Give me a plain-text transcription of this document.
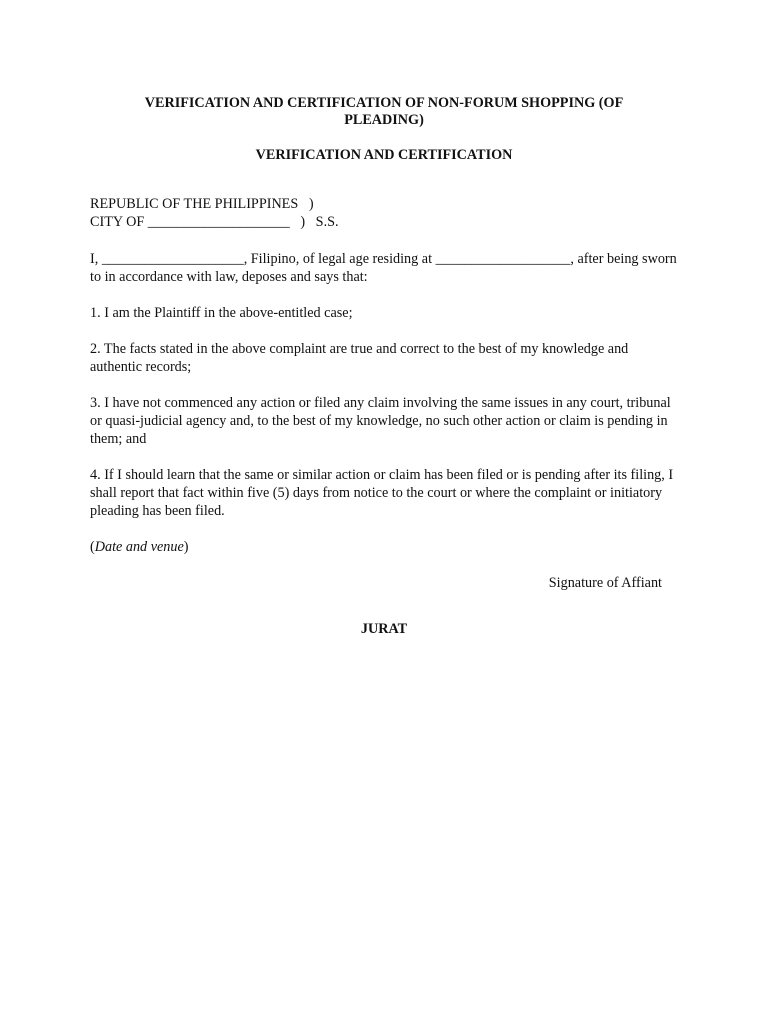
VERIFICATION AND CERTIFICATION OF NON-FORUM SHOPPING (OF PLEADING)
VERIFICATION AND CERTIFICATION
REPUBLIC OF THE PHILIPPINES   )
CITY OF ____________________   )   S.S.

I, ____________________, Filipino, of legal age residing at ___________________, after being sworn to in accordance with law, deposes and says that:

1. I am the Plaintiff in the above-entitled case;

2. The facts stated in the above complaint are true and correct to the best of my knowledge and authentic records;

3. I have not commenced any action or filed any claim involving the same issues in any court, tribunal or quasi-judicial agency and, to the best of my knowledge, no such other action or claim is pending in them; and

4. If I should learn that the same or similar action or claim has been filed or is pending after its filing, I shall report that fact within five (5) days from notice to the court or where the complaint or initiatory pleading has been filed.

(Date and venue)
Signature of Affiant
JURAT
